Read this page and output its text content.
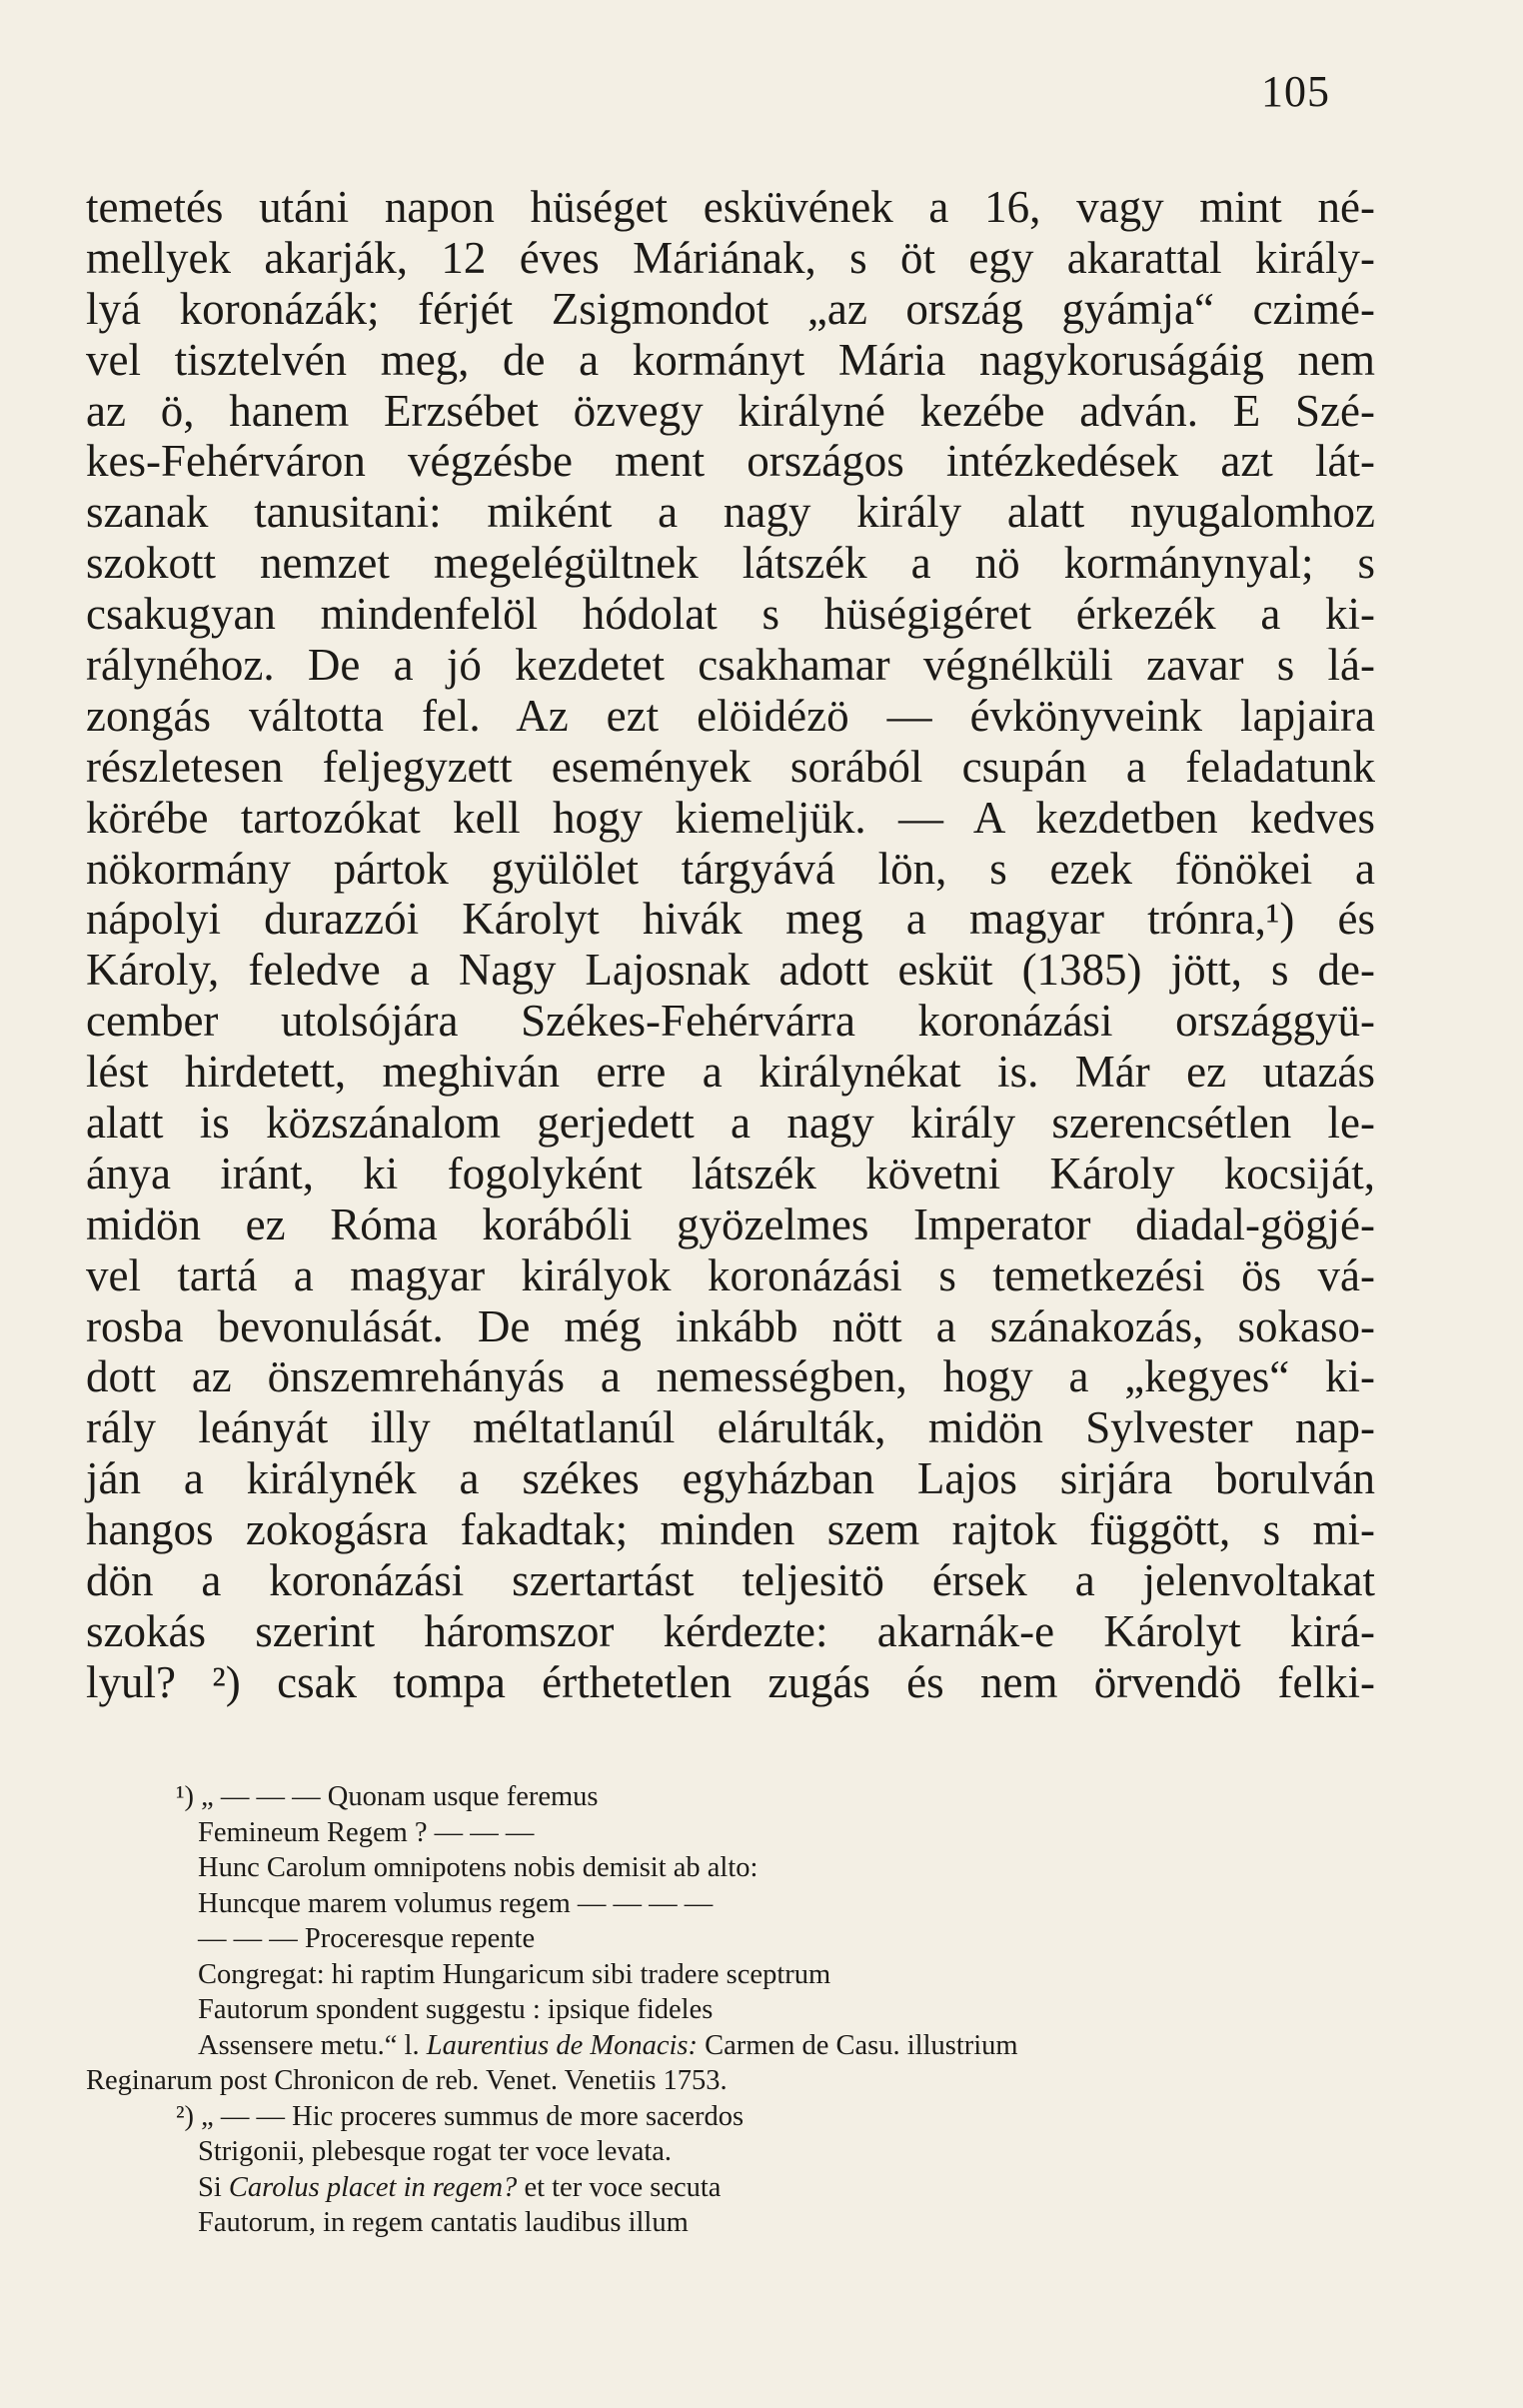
105
temetés utáni napon hüséget esküvének a 16, vagy mint né-
mellyek akarják, 12 éves Máriának, s öt egy akarattal király-
lyá koronázák; férjét Zsigmondot „az ország gyámja“ czimé-
vel tisztelvén meg, de a kormányt Mária nagykoruságáig nem
az ö, hanem Erzsébet özvegy királyné kezébe adván. E Szé-
kes-Fehérváron végzésbe ment országos intézkedések azt lát-
szanak tanusitani: miként a nagy király alatt nyugalomhoz
szokott nemzet megelégültnek látszék a nö kormánynyal; s
csakugyan mindenfelöl hódolat s hüségigéret érkezék a ki-
rálynéhoz. De a jó kezdetet csakhamar végnélküli zavar s lá-
zongás váltotta fel. Az ezt elöidézö — évkönyveink lapjaira
részletesen feljegyzett események sorából csupán a feladatunk
körébe tartozókat kell hogy kiemeljük. — A kezdetben kedves
nökormány pártok gyülölet tárgyává lön, s ezek fönökei a
nápolyi durazzói Károlyt hivák meg a magyar trónra,¹) és
Károly, feledve a Nagy Lajosnak adott esküt (1385) jött, s de-
cember utolsójára Székes-Fehérvárra koronázási országgyü-
lést hirdetett, meghiván erre a királynékat is. Már ez utazás
alatt is közszánalom gerjedett a nagy király szerencsétlen le-
ánya iránt, ki fogolyként látszék követni Károly kocsiját,
midön ez Róma korábóli gyözelmes Imperator diadal-gögjé-
vel tartá a magyar királyok koronázási s temetkezési ös vá-
rosba bevonulását. De még inkább nött a szánakozás, sokaso-
dott az önszemrehányás a nemességben, hogy a „kegyes“ ki-
rály leányát illy méltatlanúl elárulták, midön Sylvester nap-
ján a királynék a székes egyházban Lajos sirjára borulván
hangos zokogásra fakadtak; minden szem rajtok függött, s mi-
dön a koronázási szertartást teljesitö érsek a jelenvoltakat
szokás szerint háromszor kérdezte: akarnák-e Károlyt kirá-
lyul? ²) csak tompa érthetetlen zugás és nem örvendö felki-
¹) „ — — — Quonam usque feremus
Femineum Regem ? — — —
Hunc Carolum omnipotens nobis demisit ab alto:
Huncque marem volumus regem — — — —
— — — Proceresque repente
Congregat: hi raptim Hungaricum sibi tradere sceptrum
Fautorum spondent suggestu : ipsique fideles
Assensere metu.“ l. Laurentius de Monacis: Carmen de Casu. illustrium
Reginarum post Chronicon de reb. Venet. Venetiis 1753.
²) „ — — Hic proceres summus de more sacerdos
Strigonii, plebesque rogat ter voce levata.
Si Carolus placet in regem? et ter voce secuta
Fautorum, in regem cantatis laudibus illum
